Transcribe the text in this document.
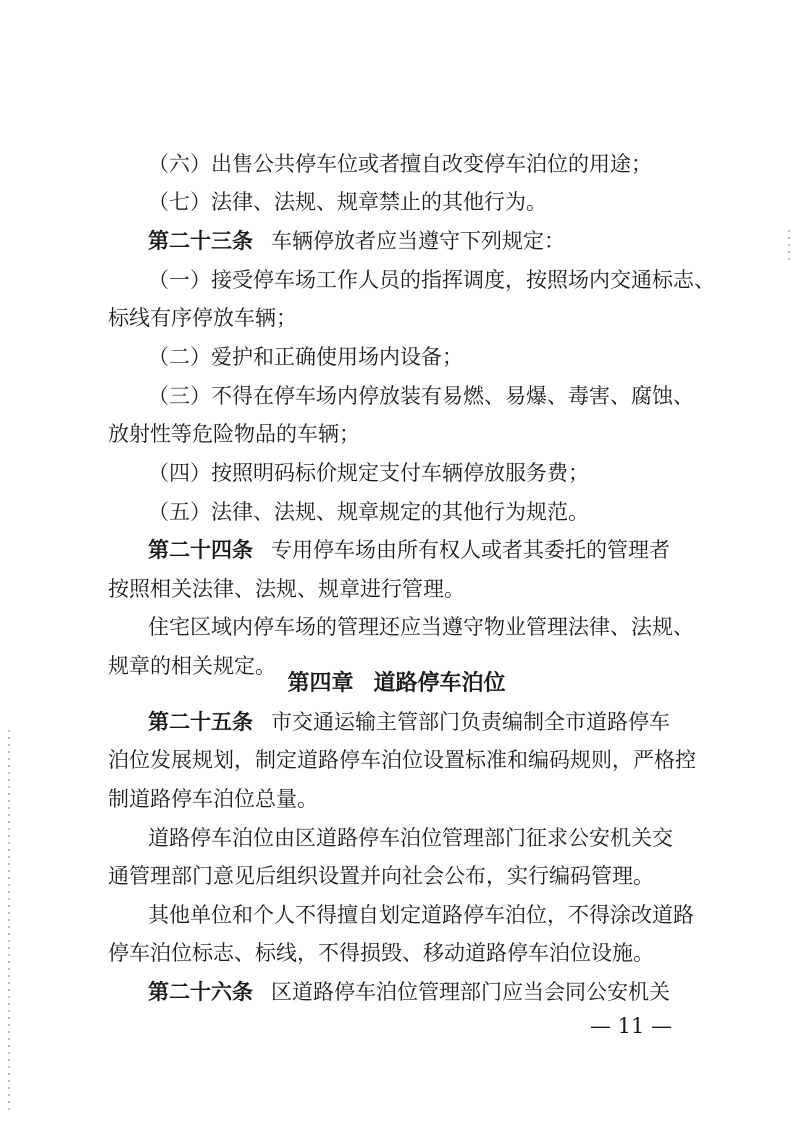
（六）出售公共停车位或者擅自改变停车泊位的用途；
（七）法律、法规、规章禁止的其他行为。
第二十三条 车辆停放者应当遵守下列规定：
（一）接受停车场工作人员的指挥调度，按照场内交通标志、
标线有序停放车辆；
（二）爱护和正确使用场内设备；
（三）不得在停车场内停放装有易燃、易爆、毒害、腐蚀、
放射性等危险物品的车辆；
（四）按照明码标价规定支付车辆停放服务费；
（五）法律、法规、规章规定的其他行为规范。
第二十四条 专用停车场由所有权人或者其委托的管理者
按照相关法律、法规、规章进行管理。
住宅区域内停车场的管理还应当遵守物业管理法律、法规、
规章的相关规定。
第四章 道路停车泊位
第二十五条 市交通运输主管部门负责编制全市道路停车
泊位发展规划，制定道路停车泊位设置标准和编码规则，严格控
制道路停车泊位总量。
道路停车泊位由区道路停车泊位管理部门征求公安机关交
通管理部门意见后组织设置并向社会公布，实行编码管理。
其他单位和个人不得擅自划定道路停车泊位，不得涂改道路
停车泊位标志、标线，不得损毁、移动道路停车泊位设施。
第二十六条 区道路停车泊位管理部门应当会同公安机关
— 11 —
